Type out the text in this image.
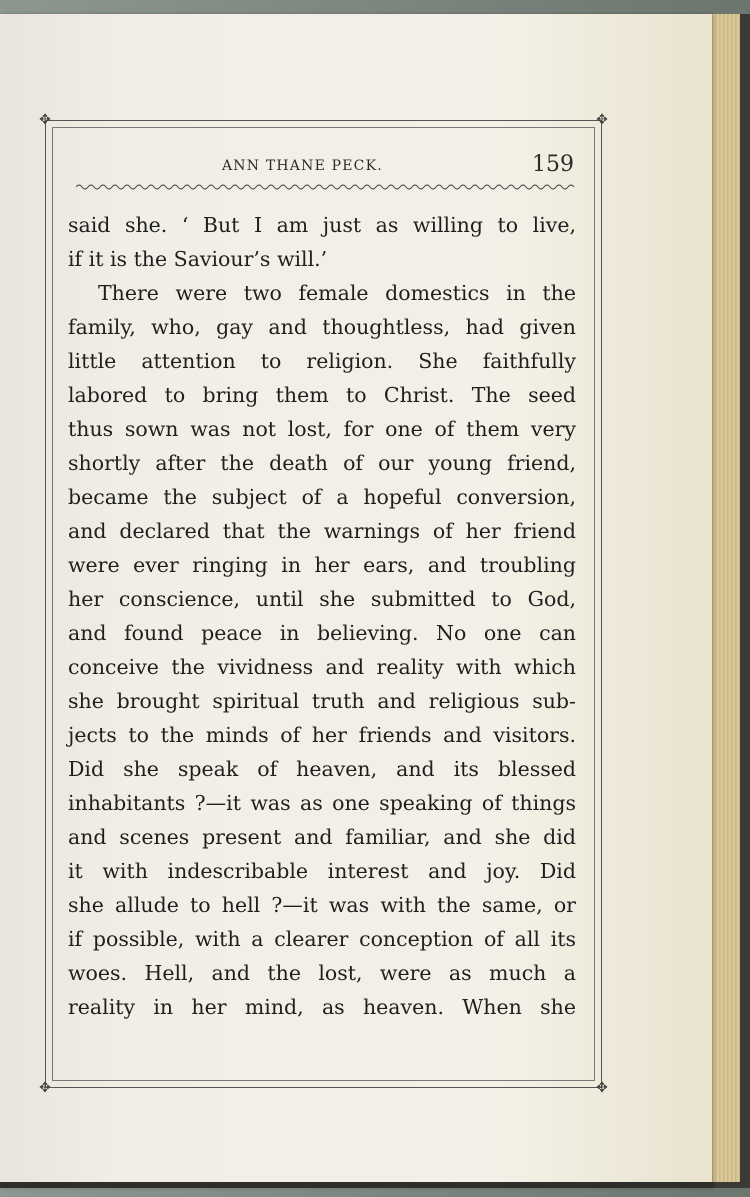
✥	✥
✥	✥
ANN THANE PECK.	159
said she. ‘ But I am just as willing to live,
if it is the Saviour’s will.’
There were two female domestics in the
family, who, gay and thoughtless, had given
little attention to religion. She faithfully
labored to bring them to Christ. The seed
thus sown was not lost, for one of them very
shortly after the death of our young friend,
became the subject of a hopeful conversion,
and declared that the warnings of her friend
were ever ringing in her ears, and troubling
her conscience, until she submitted to God,
and found peace in believing. No one can
conceive the vividness and reality with which
she brought spiritual truth and religious sub-
jects to the minds of her friends and visitors.
Did she speak of heaven, and its blessed
inhabitants ?—it was as one speaking of things
and scenes present and familiar, and she did
it with indescribable interest and joy. Did
she allude to hell ?—it was with the same, or
if possible, with a clearer conception of all its
woes. Hell, and the lost, were as much a
reality in her mind, as heaven. When she
